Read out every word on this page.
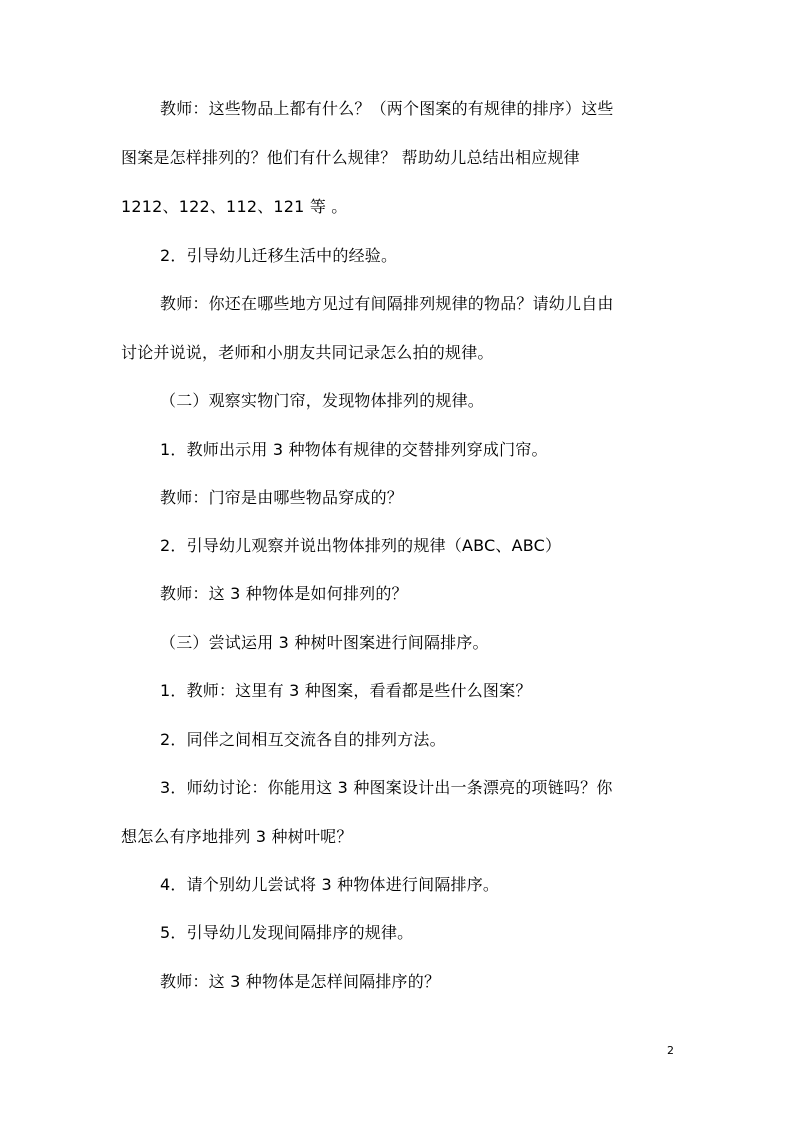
教师：这些物品上都有什么？（两个图案的有规律的排序）这些
图案是怎样排列的？他们有什么规律？ 帮助幼儿总结出相应规律
1212、122、112、121 等 。
2．引导幼儿迁移生活中的经验。
教师：你还在哪些地方见过有间隔排列规律的物品？请幼儿自由
讨论并说说，老师和小朋友共同记录怎么拍的规律。
（二）观察实物门帘，发现物体排列的规律。
1．教师出示用 3 种物体有规律的交替排列穿成门帘。
教师：门帘是由哪些物品穿成的？
2．引导幼儿观察并说出物体排列的规律（ABC、ABC）
教师：这 3 种物体是如何排列的？
（三）尝试运用 3 种树叶图案进行间隔排序。
1．教师：这里有 3 种图案，看看都是些什么图案？
2．同伴之间相互交流各自的排列方法。
3．师幼讨论：你能用这 3 种图案设计出一条漂亮的项链吗？你
想怎么有序地排列 3 种树叶呢？
4．请个别幼儿尝试将 3 种物体进行间隔排序。
5．引导幼儿发现间隔排序的规律。
教师：这 3 种物体是怎样间隔排序的？
2
